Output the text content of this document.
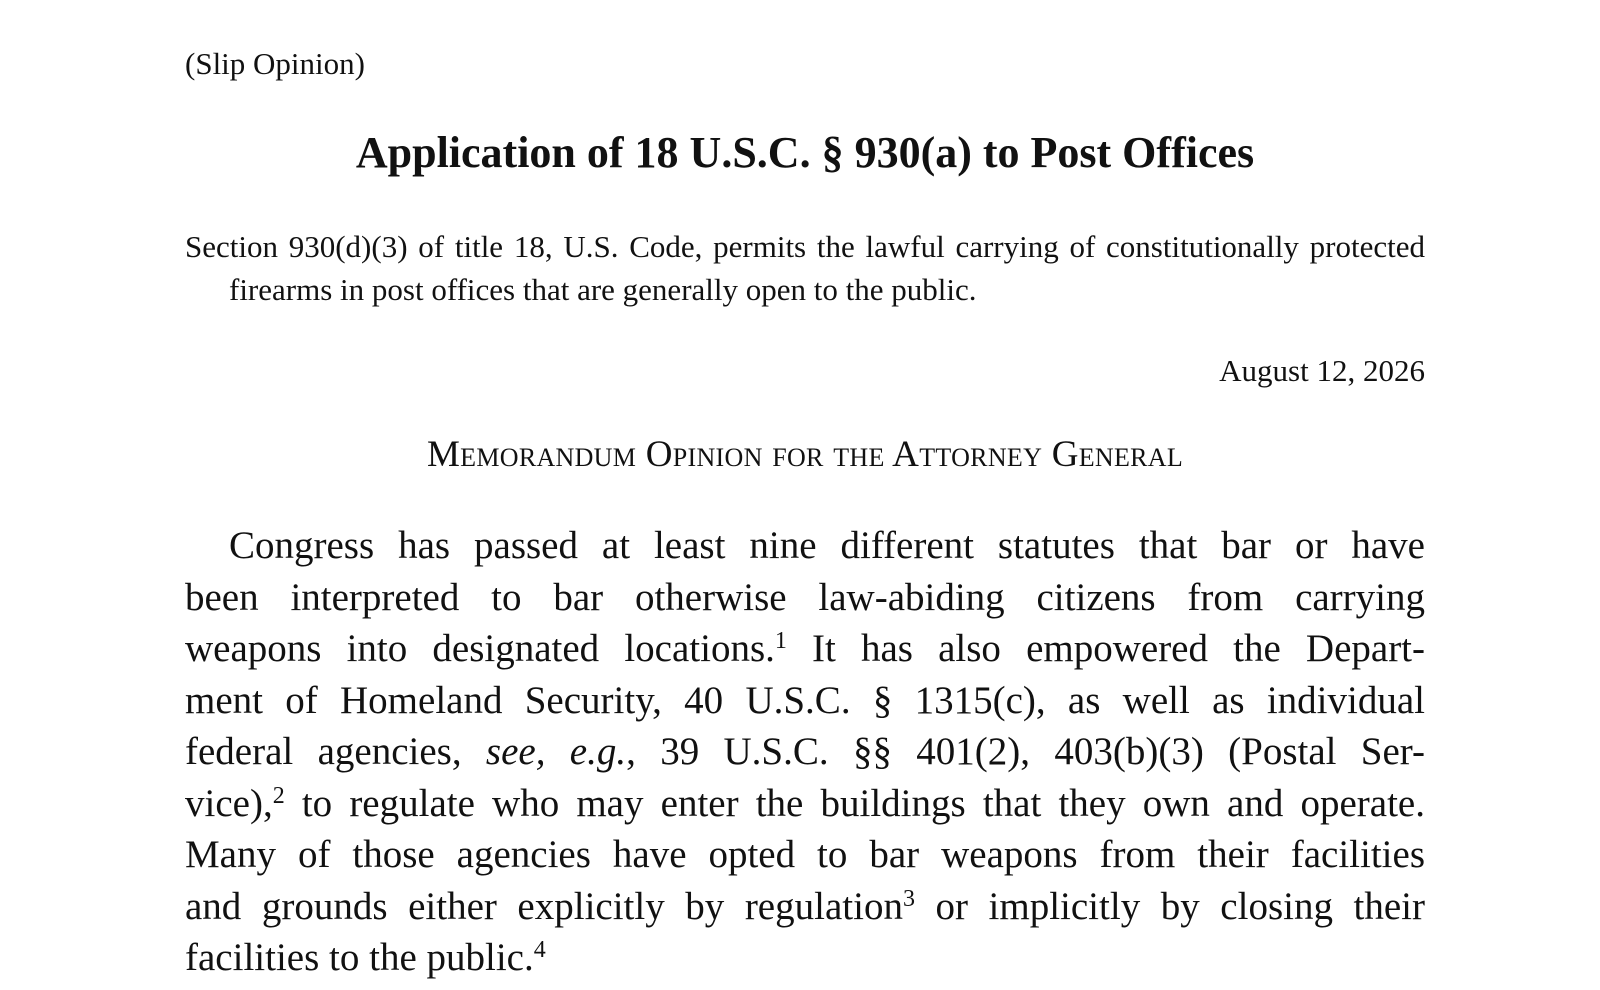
(Slip Opinion)
Application of 18 U.S.C. § 930(a) to Post Offices
Section 930(d)(3) of title 18, U.S. Code, permits the lawful carrying of constitutionally protected firearms in post offices that are generally open to the public.
August 12, 2026
Memorandum Opinion for the Attorney General
Congress has passed at least nine different statutes that bar or have
been interpreted to bar otherwise law-abiding citizens from carrying
weapons into designated locations.$^1$ It has also empowered the Depart-
ment of Homeland Security, 40 U.S.C. § 1315(c), as well as individual
federal agencies, see, e.g., 39 U.S.C. §§ 401(2), 403(b)(3) (Postal Ser-
vice),$^2$ to regulate who may enter the buildings that they own and operate.
Many of those agencies have opted to bar weapons from their facilities
and grounds either explicitly by regulation$^3$ or implicitly by closing their
facilities to the public.$^4$
